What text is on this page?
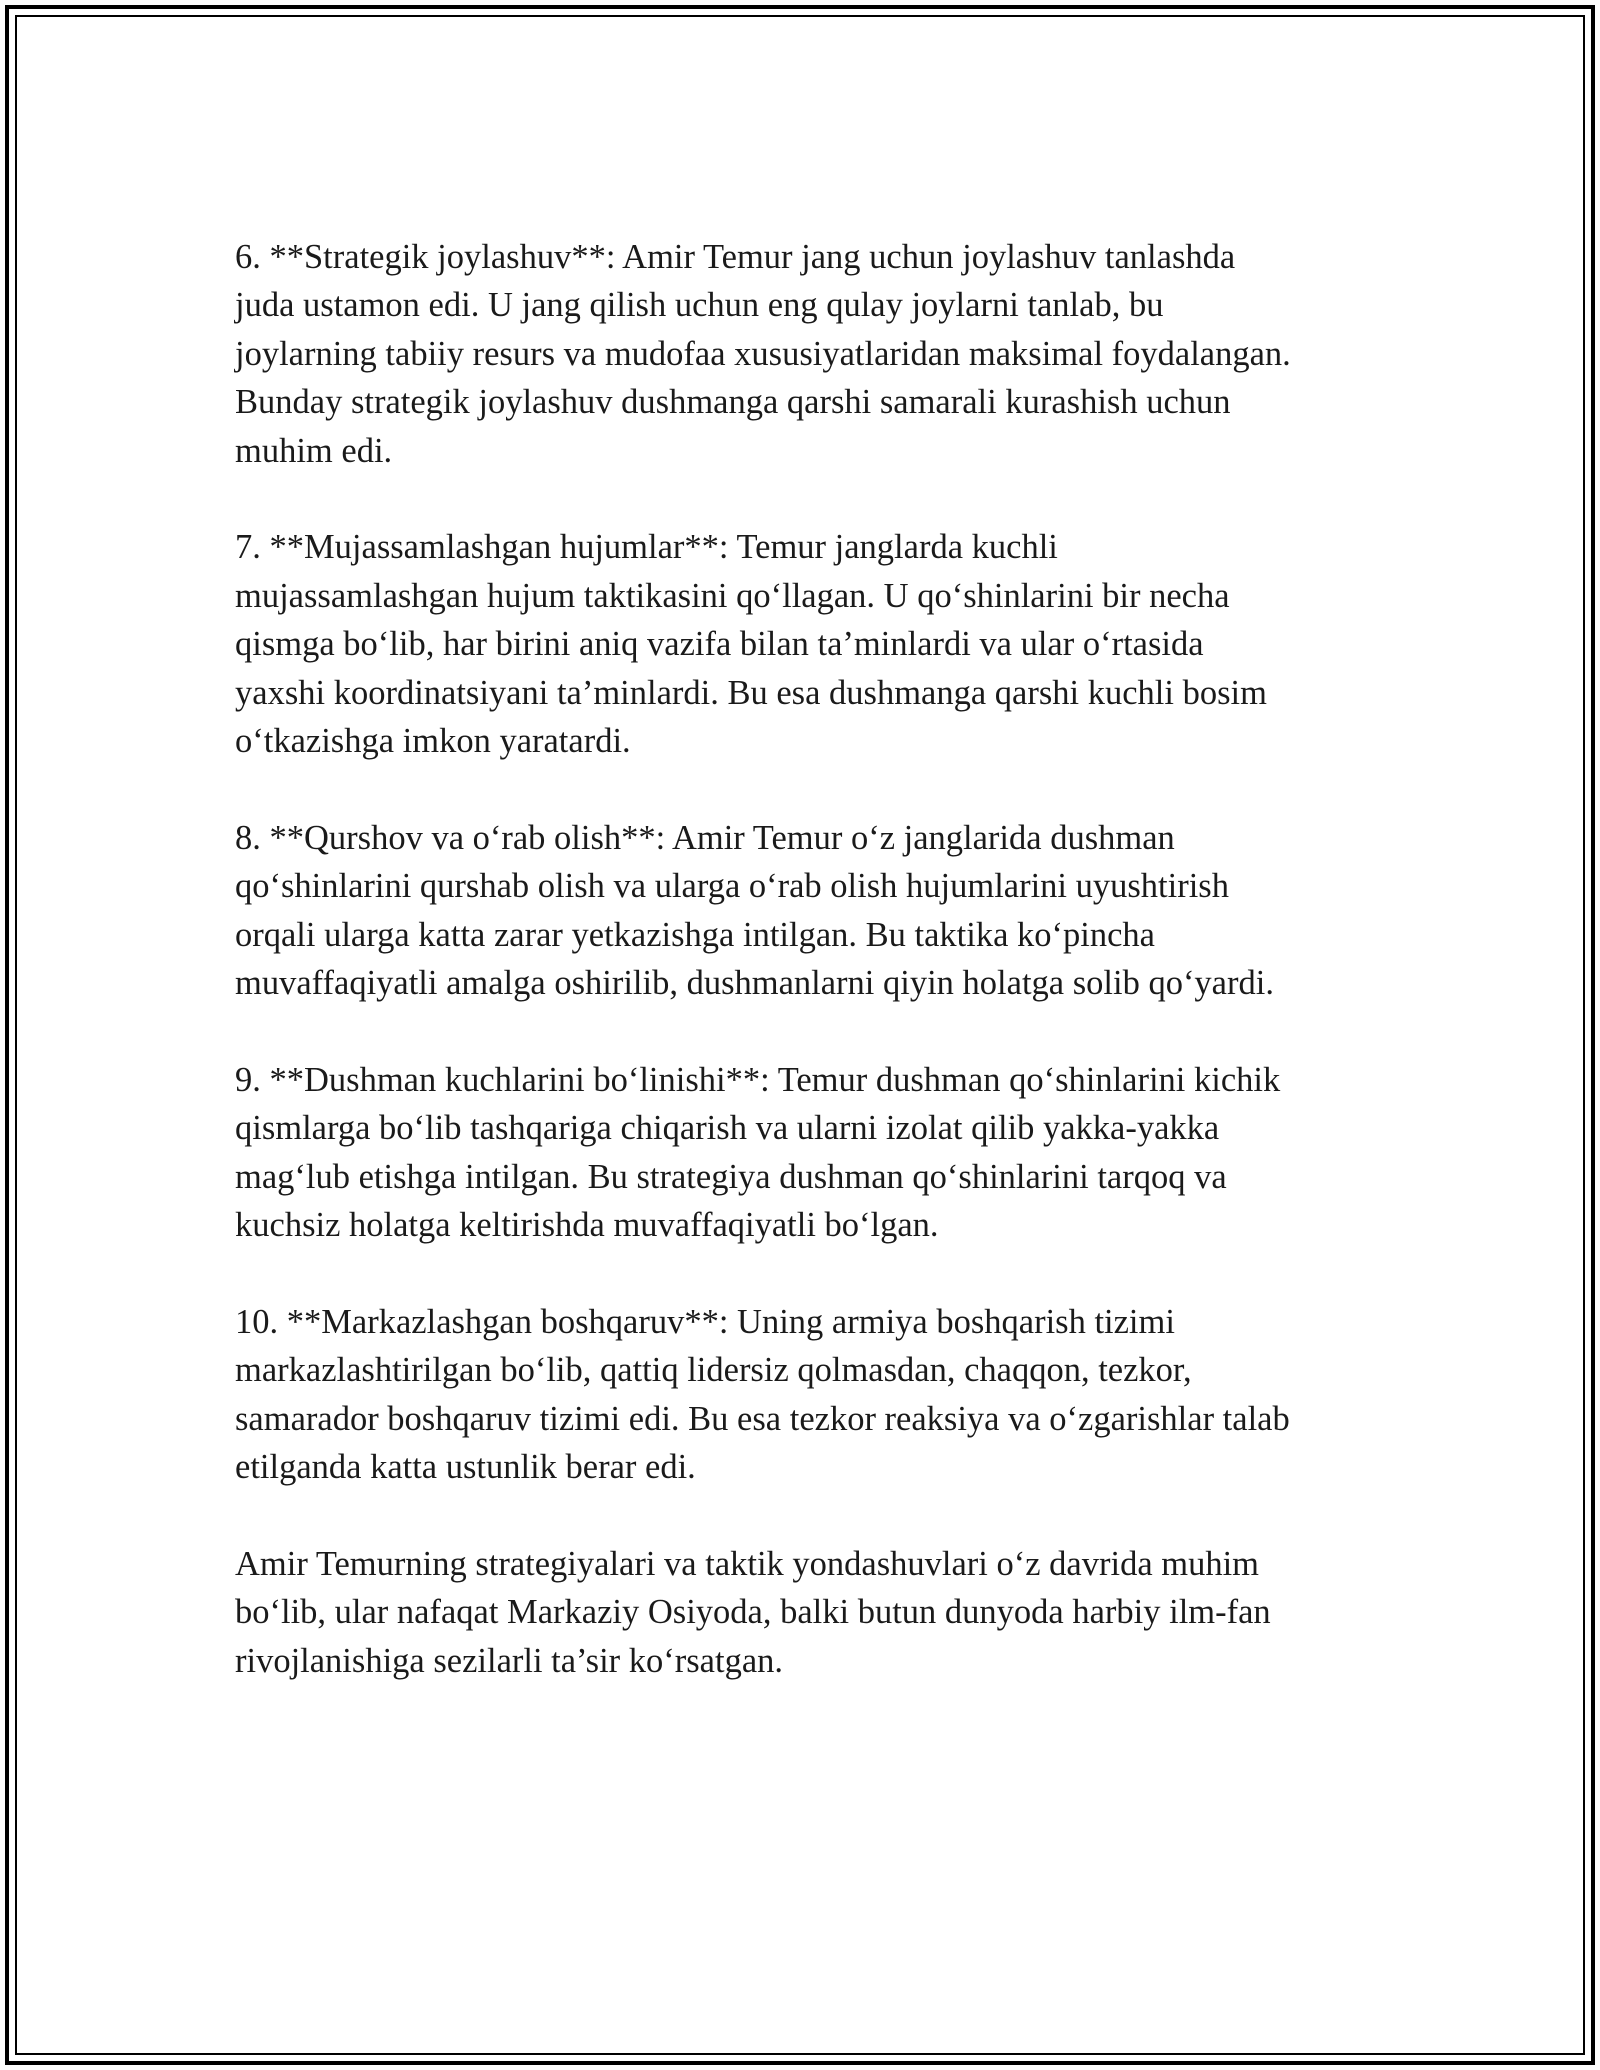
6. **Strategik joylashuv**: Amir Temur jang uchun joylashuv tanlashda
juda ustamon edi. U jang qilish uchun eng qulay joylarni tanlab, bu
joylarning tabiiy resurs va mudofaa xususiyatlaridan maksimal foydalangan.
Bunday strategik joylashuv dushmanga qarshi samarali kurashish uchun
muhim edi.

7. **Mujassamlashgan hujumlar**: Temur janglarda kuchli
mujassamlashgan hujum taktikasini qo‘llagan. U qo‘shinlarini bir necha
qismga bo‘lib, har birini aniq vazifa bilan ta’minlardi va ular o‘rtasida
yaxshi koordinatsiyani ta’minlardi. Bu esa dushmanga qarshi kuchli bosim
o‘tkazishga imkon yaratardi.

8. **Qurshov va o‘rab olish**: Amir Temur o‘z janglarida dushman
qo‘shinlarini qurshab olish va ularga o‘rab olish hujumlarini uyushtirish
orqali ularga katta zarar yetkazishga intilgan. Bu taktika ko‘pincha
muvaffaqiyatli amalga oshirilib, dushmanlarni qiyin holatga solib qo‘yardi.

9. **Dushman kuchlarini bo‘linishi**: Temur dushman qo‘shinlarini kichik
qismlarga bo‘lib tashqariga chiqarish va ularni izolat qilib yakka-yakka
mag‘lub etishga intilgan. Bu strategiya dushman qo‘shinlarini tarqoq va
kuchsiz holatga keltirishda muvaffaqiyatli bo‘lgan.

10. **Markazlashgan boshqaruv**: Uning armiya boshqarish tizimi
markazlashtirilgan bo‘lib, qattiq lidersiz qolmasdan, chaqqon, tezkor,
samarador boshqaruv tizimi edi. Bu esa tezkor reaksiya va o‘zgarishlar talab
etilganda katta ustunlik berar edi.

Amir Temurning strategiyalari va taktik yondashuvlari o‘z davrida muhim
bo‘lib, ular nafaqat Markaziy Osiyoda, balki butun dunyoda harbiy ilm-fan
rivojlanishiga sezilarli ta’sir ko‘rsatgan.
